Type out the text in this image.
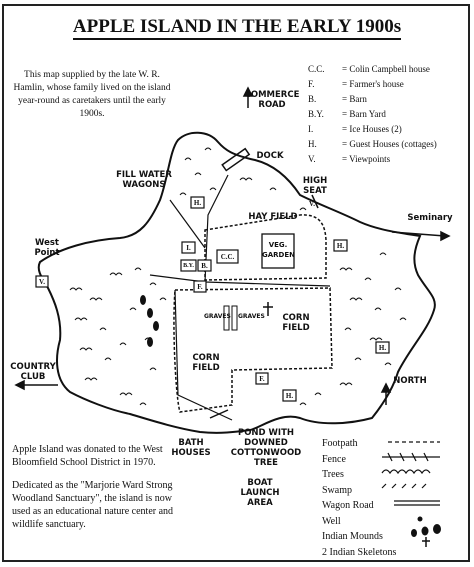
APPLE ISLAND IN THE EARLY 1900s
This map supplied by the late W. R. Hamlin, whose family lived on the island year-round as caretakers until the early 1900s.
C.C.	= Colin Campbell house
F.	= Farmer's house
B.	= Barn
B.Y.	= Barn Yard
I.	= Ice Houses (2)
H.	= Guest Houses (cottages)
V.	= Viewpoints
COMMERCE ROAD
DOCK
HIGH SEAT
FILL WATER WAGONS
HAY FIELD
VEG. GARDEN
Seminary
West Point
CORN FIELD
CORN FIELD
GRAVES GRAVES
COUNTRY CLUB	NORTH
BATH HOUSES
POND WITH DOWNED COTTONWOOD TREE
BOAT LAUNCH AREA
H.
I.
B.
B.Y.
C.C.
F.
F.
H.
H.
H.
V.
V.

Apple Island was donated to the West Bloomfield School District in 1970.

Dedicated as the "Marjorie Ward Strong Woodland Sanctuary", the island is now used as an educational nature center and wildlife sanctuary.

Footpath
Fence
Trees
Swamp
Wagon Road
Well
Indian Mounds
2 Indian Skeletons
